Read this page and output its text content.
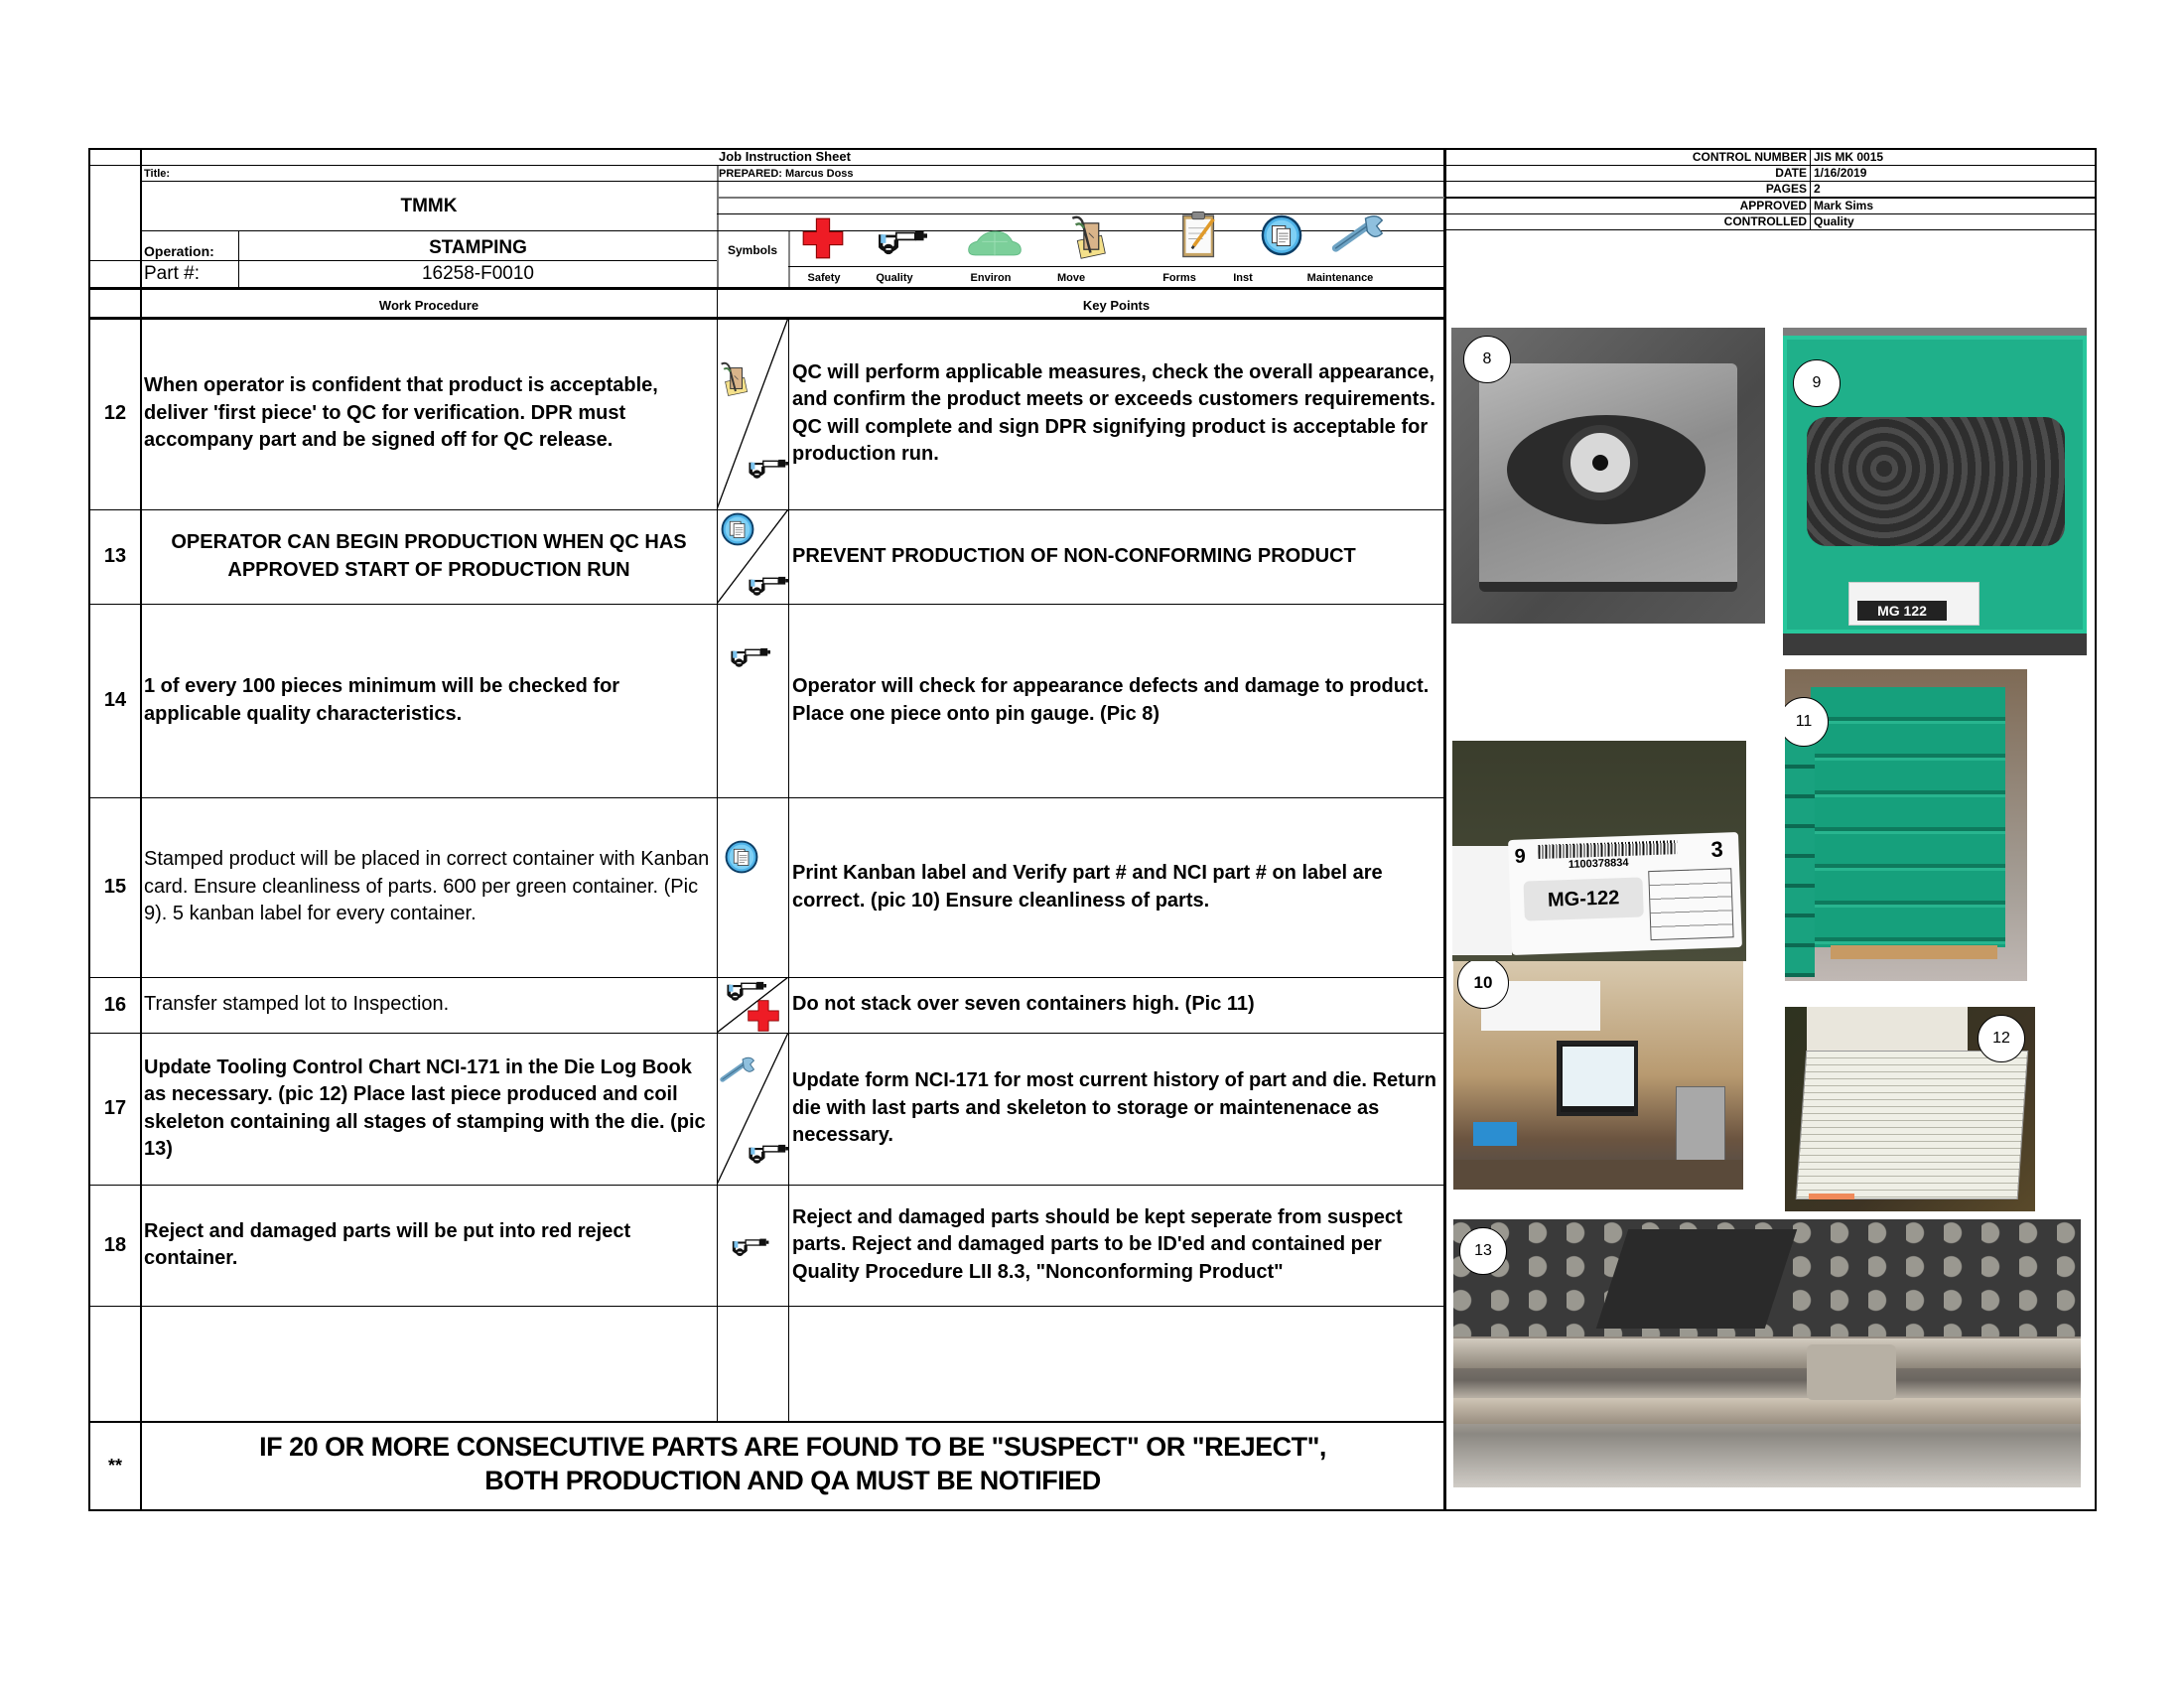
Job Instruction Sheet
Title:	PREPARED: Marcus Doss
TMMK
Operation:	STAMPING
Part #:	16258-F0010
Work Procedure	Key Points
Symbols
Safety	Quality	Environ	Move	Forms	Inst	Maintenance
CONTROL NUMBER JIS MK 0015
DATE 1/16/2019
PAGES 2
APPROVED Mark Sims
CONTROLLED Quality
12
When operator is confident that product is acceptable, deliver 'first piece' to QC for verification. DPR must accompany part and be signed off for QC release.
QC will perform applicable measures, check the overall appearance, and confirm the product meets or exceeds customers requirements. QC will complete and sign DPR signifying product is acceptable for production run.
13
OPERATOR CAN BEGIN PRODUCTION WHEN QC HAS APPROVED START OF PRODUCTION RUN
PREVENT PRODUCTION OF NON-CONFORMING PRODUCT
14
1 of every 100 pieces minimum will be checked for applicable quality characteristics.
Operator will check for appearance defects and damage to product. Place one piece onto pin gauge. (Pic 8)
15
Stamped product will be placed in correct container with Kanban card. Ensure cleanliness of parts. 600 per green container. (Pic 9). 5 kanban label for every container.
Print Kanban label and Verify part # and NCI part # on label are correct. (pic 10) Ensure cleanliness of parts.
16 Transfer stamped lot to Inspection.	Do not stack over seven containers high. (Pic 11)
17
Update Tooling Control Chart NCI-171 in the Die Log Book as necessary. (pic 12) Place last piece produced and coil skeleton containing all stages of stamping with the die. (pic 13)
Update form NCI-171 for most current history of part and die. Return die with last parts and skeleton to storage or maintenenace as necessary.
18
Reject and damaged parts will be put into red reject container.
Reject and damaged parts should be kept seperate from suspect parts. Reject and damaged parts to be ID'ed and contained per Quality Procedure LII 8.3, "Nonconforming Product"
**
IF 20 OR MORE CONSECUTIVE PARTS ARE FOUND TO BE "SUSPECT" OR "REJECT",
BOTH PRODUCTION AND QA MUST BE NOTIFIED
8
MG 122
9
11
9	1100378834
3
MG-122
10
12
13
